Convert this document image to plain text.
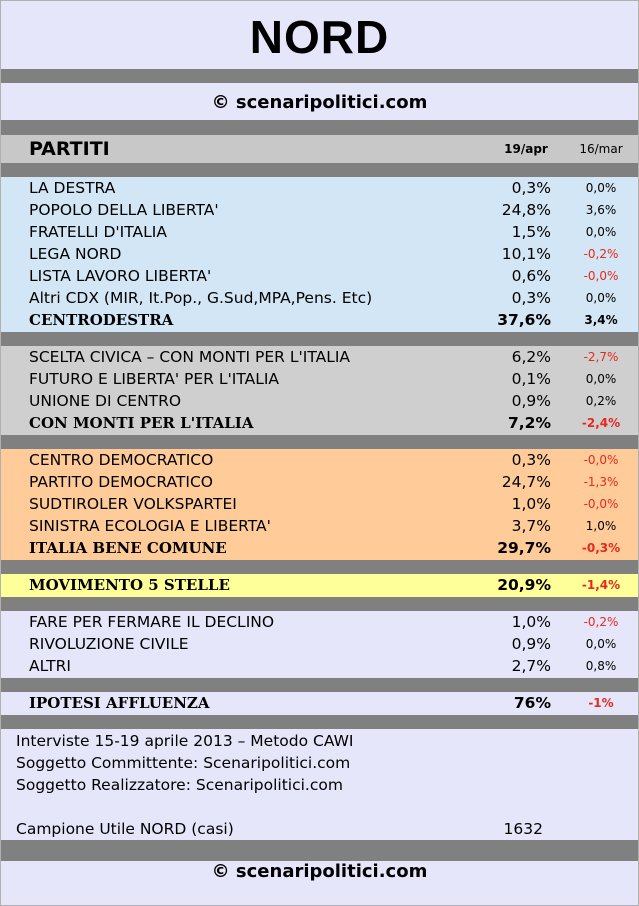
NORD
© scenaripolitici.com
PARTITI	19/apr	16/mar
LA DESTRA	0,3%	0,0%
POPOLO DELLA LIBERTA'	24,8%	3,6%
FRATELLI D'ITALIA	1,5%	0,0%
LEGA NORD	10,1%	-0,2%
LISTA LAVORO LIBERTA'	0,6%	-0,0%
Altri CDX (MIR, It.Pop., G.Sud,MPA,Pens. Etc)	0,3%	0,0%
CENTRODESTRA	37,6%	3,4%
SCELTA CIVICA – CON MONTI PER L'ITALIA	6,2%	-2,7%
FUTURO E LIBERTA' PER L'ITALIA	0,1%	0,0%
UNIONE DI CENTRO	0,9%	0,2%
CON MONTI PER L'ITALIA	7,2%	-2,4%
CENTRO DEMOCRATICO	0,3%	-0,0%
PARTITO DEMOCRATICO	24,7%	-1,3%
SUDTIROLER VOLKSPARTEI	1,0%	-0,0%
SINISTRA ECOLOGIA E LIBERTA'	3,7%	1,0%
ITALIA BENE COMUNE	29,7%	-0,3%
MOVIMENTO 5 STELLE	20,9%	-1,4%
FARE PER FERMARE IL DECLINO	1,0%	-0,2%
RIVOLUZIONE CIVILE	0,9%	0,0%
ALTRI	2,7%	0,8%
IPOTESI AFFLUENZA	76%	-1%
Interviste 15-19 aprile 2013 – Metodo CAWI
Soggetto Committente: Scenaripolitici.com
Soggetto Realizzatore: Scenaripolitici.com
Campione Utile NORD (casi)	1632
© scenaripolitici.com
